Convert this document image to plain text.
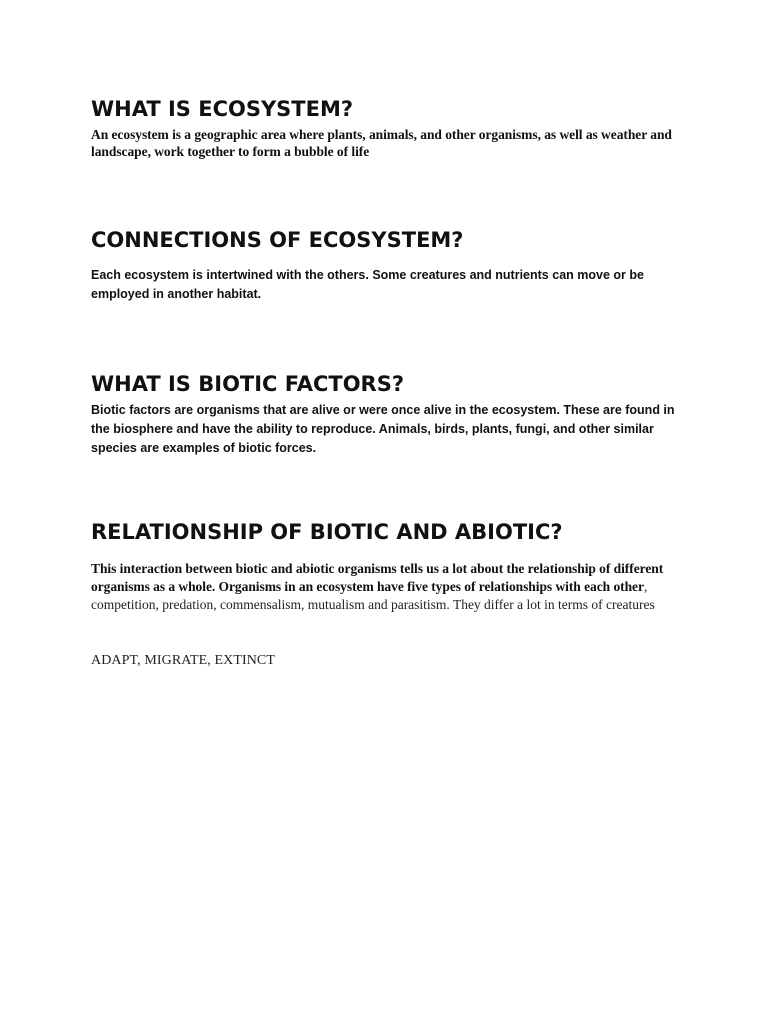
WHAT IS ECOSYSTEM?

An ecosystem is a geographic area where plants, animals, and other organisms, as well as weather and landscape, work together to form a bubble of life

CONNECTIONS OF ECOSYSTEM?

Each ecosystem is intertwined with the others. Some creatures and nutrients can move or be employed in another habitat.

WHAT IS BIOTIC FACTORS?

Biotic factors are organisms that are alive or were once alive in the ecosystem. These are found in the biosphere and have the ability to reproduce. Animals, birds, plants, fungi, and other similar species are examples of biotic forces.

RELATIONSHIP OF BIOTIC AND ABIOTIC?

This interaction between biotic and abiotic organisms tells us a lot about the relationship of different organisms as a whole. Organisms in an ecosystem have five types of relationships with each other, competition, predation, commensalism, mutualism and parasitism. They differ a lot in terms of creatures

ADAPT, MIGRATE, EXTINCT
